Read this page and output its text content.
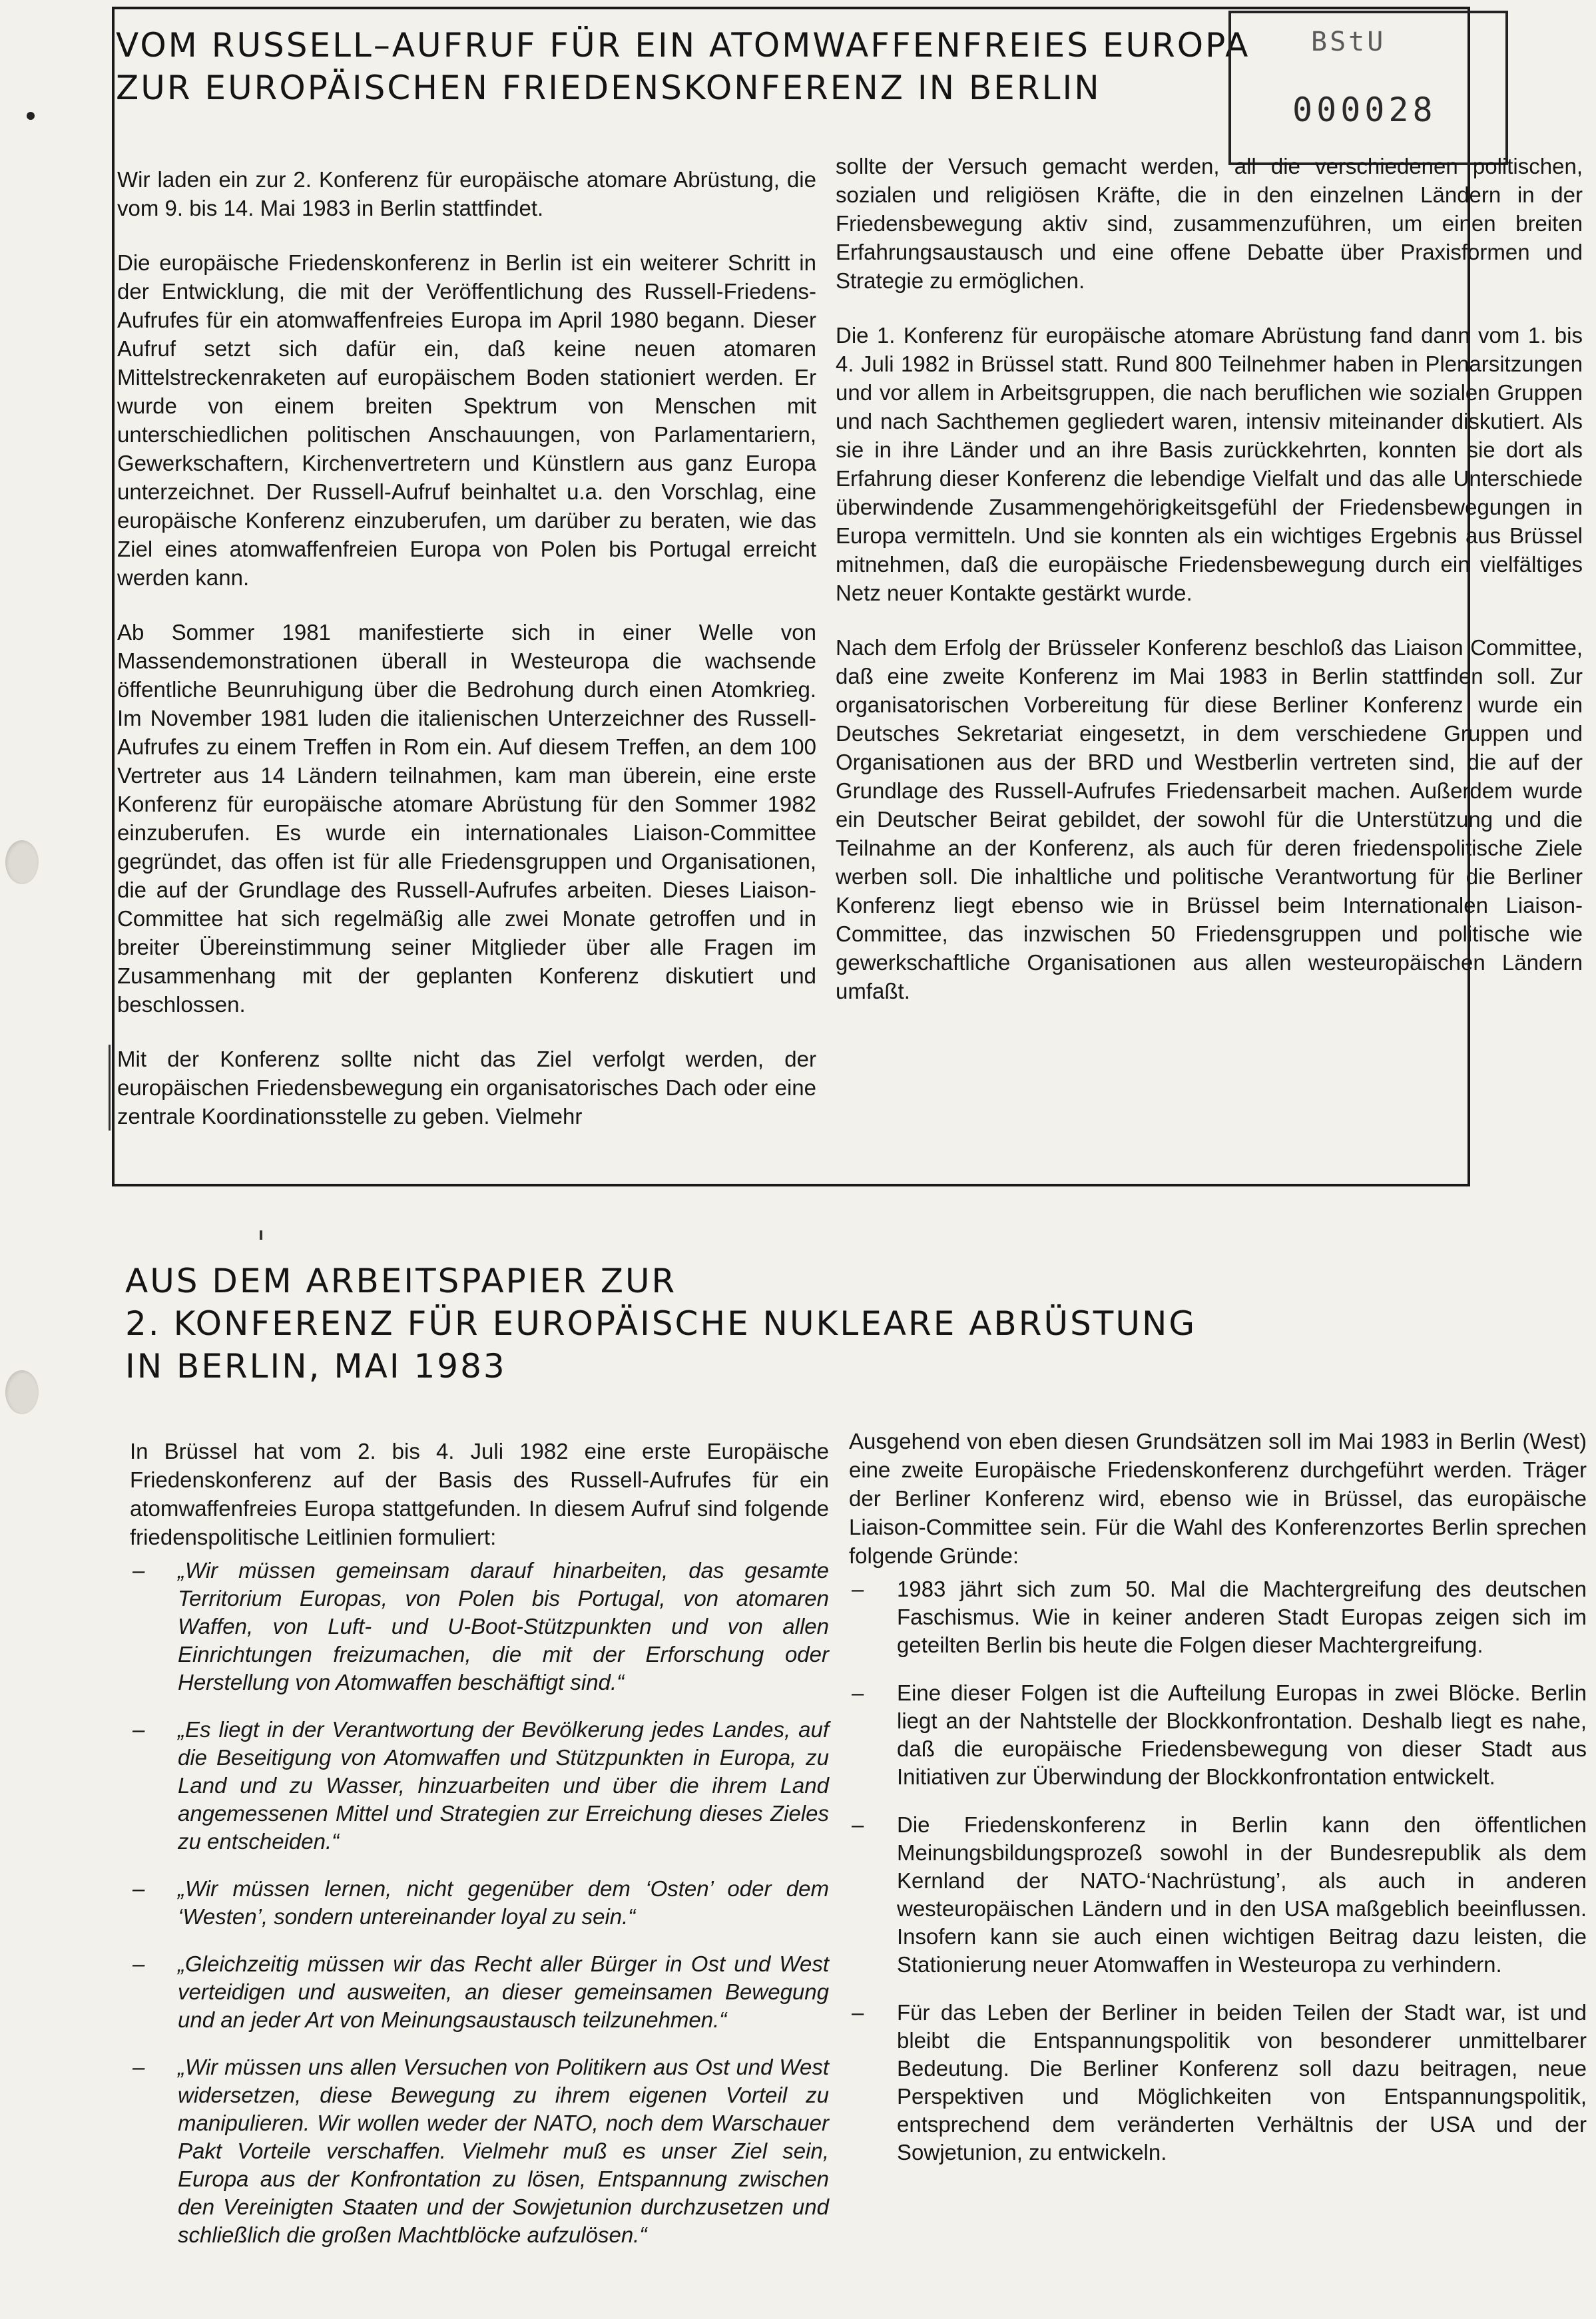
VOM RUSSELL–AUFRUF FÜR EIN ATOMWAFFENFREIES EUROPA
ZUR EUROPÄISCHEN FRIEDENSKONFERENZ IN BERLIN
BStU
000028

Wir laden ein zur 2. Konferenz für europäische atomare Abrüstung, die vom 9. bis 14. Mai 1983 in Berlin stattfindet.

Die europäische Friedenskonferenz in Berlin ist ein weiterer Schritt in der Entwicklung, die mit der Veröffentlichung des Russell-Friedens-Aufrufes für ein atomwaffenfreies Europa im April 1980 begann. Dieser Aufruf setzt sich dafür ein, daß keine neuen atomaren Mittelstreckenraketen auf europäischem Boden stationiert werden. Er wurde von einem breiten Spektrum von Menschen mit unterschiedlichen politischen Anschauungen, von Parlamentariern, Gewerkschaftern, Kirchenvertretern und Künstlern aus ganz Europa unterzeichnet. Der Russell-Aufruf beinhaltet u.a. den Vorschlag, eine europäische Konferenz einzuberufen, um darüber zu beraten, wie das Ziel eines atomwaffenfreien Europa von Polen bis Portugal erreicht werden kann.

Ab Sommer 1981 manifestierte sich in einer Welle von Massendemonstrationen überall in Westeuropa die wachsende öffentliche Beunruhigung über die Bedrohung durch einen Atomkrieg. Im November 1981 luden die italienischen Unterzeichner des Russell-Aufrufes zu einem Treffen in Rom ein. Auf diesem Treffen, an dem 100 Vertreter aus 14 Ländern teilnahmen, kam man überein, eine erste Konferenz für europäische atomare Abrüstung für den Sommer 1982 einzuberufen. Es wurde ein internationales Liaison-Committee gegründet, das offen ist für alle Friedensgruppen und Organisationen, die auf der Grundlage des Russell-Aufrufes arbeiten. Dieses Liaison-Committee hat sich regelmäßig alle zwei Monate getroffen und in breiter Übereinstimmung seiner Mitglieder über alle Fragen im Zusammenhang mit der geplanten Konferenz diskutiert und beschlossen.

Mit der Konferenz sollte nicht das Ziel verfolgt werden, der europäischen Friedensbewegung ein organisatorisches Dach oder eine zentrale Koordinationsstelle zu geben. Vielmehr

sollte der Versuch gemacht werden, all die verschiedenen politischen, sozialen und religiösen Kräfte, die in den einzelnen Ländern in der Friedensbewegung aktiv sind, zusammenzuführen, um einen breiten Erfahrungsaustausch und eine offene Debatte über Praxisformen und Strategie zu ermöglichen.

Die 1. Konferenz für europäische atomare Abrüstung fand dann vom 1. bis 4. Juli 1982 in Brüssel statt. Rund 800 Teilnehmer haben in Plenarsitzungen und vor allem in Arbeitsgruppen, die nach beruflichen wie sozialen Gruppen und nach Sachthemen gegliedert waren, intensiv miteinander diskutiert. Als sie in ihre Länder und an ihre Basis zurückkehrten, konnten sie dort als Erfahrung dieser Konferenz die lebendige Vielfalt und das alle Unterschiede überwindende Zusammengehörigkeitsgefühl der Friedensbewegungen in Europa vermitteln. Und sie konnten als ein wichtiges Ergebnis aus Brüssel mitnehmen, daß die europäische Friedensbewegung durch ein vielfältiges Netz neuer Kontakte gestärkt wurde.

Nach dem Erfolg der Brüsseler Konferenz beschloß das Liaison Committee, daß eine zweite Konferenz im Mai 1983 in Berlin stattfinden soll. Zur organisatorischen Vorbereitung für diese Berliner Konferenz wurde ein Deutsches Sekretariat eingesetzt, in dem verschiedene Gruppen und Organisationen aus der BRD und Westberlin vertreten sind, die auf der Grundlage des Russell-Aufrufes Friedensarbeit machen. Außerdem wurde ein Deutscher Beirat gebildet, der sowohl für die Unterstützung und die Teilnahme an der Konferenz, als auch für deren friedenspolitische Ziele werben soll. Die inhaltliche und politische Verantwortung für die Berliner Konferenz liegt ebenso wie in Brüssel beim Internationalen Liaison-Committee, das inzwischen 50 Friedensgruppen und politische wie gewerkschaftliche Organisationen aus allen westeuropäischen Ländern umfaßt.

AUS DEM ARBEITSPAPIER ZUR
2. KONFERENZ FÜR EUROPÄISCHE NUKLEARE ABRÜSTUNG
IN BERLIN, MAI 1983

In Brüssel hat vom 2. bis 4. Juli 1982 eine erste Europäische Friedenskonferenz auf der Basis des Russell-Aufrufes für ein atomwaffenfreies Europa stattgefunden. In diesem Aufruf sind folgende friedenspolitische Leitlinien formuliert:

– „Wir müssen gemeinsam darauf hinarbeiten, das gesamte Territorium Europas, von Polen bis Portugal, von atomaren Waffen, von Luft- und U-Boot-Stützpunkten und von allen Einrichtungen freizumachen, die mit der Erforschung oder Herstellung von Atomwaffen beschäftigt sind.“
– „Es liegt in der Verantwortung der Bevölkerung jedes Landes, auf die Beseitigung von Atomwaffen und Stützpunkten in Europa, zu Land und zu Wasser, hinzuarbeiten und über die ihrem Land angemessenen Mittel und Strategien zur Erreichung dieses Zieles zu entscheiden.“
– „Wir müssen lernen, nicht gegenüber dem ‘Osten’ oder dem ‘Westen’, sondern untereinander loyal zu sein.“
– „Gleichzeitig müssen wir das Recht aller Bürger in Ost und West verteidigen und ausweiten, an dieser gemeinsamen Bewegung und an jeder Art von Meinungsaustausch teilzunehmen.“
– „Wir müssen uns allen Versuchen von Politikern aus Ost und West widersetzen, diese Bewegung zu ihrem eigenen Vorteil zu manipulieren. Wir wollen weder der NATO, noch dem Warschauer Pakt Vorteile verschaffen. Vielmehr muß es unser Ziel sein, Europa aus der Konfrontation zu lösen, Entspannung zwischen den Vereinigten Staaten und der Sowjetunion durchzusetzen und schließlich die großen Machtblöcke aufzulösen.“

Ausgehend von eben diesen Grundsätzen soll im Mai 1983 in Berlin (West) eine zweite Europäische Friedenskonferenz durchgeführt werden. Träger der Berliner Konferenz wird, ebenso wie in Brüssel, das europäische Liaison-Committee sein. Für die Wahl des Konferenzortes Berlin sprechen folgende Gründe:

– 1983 jährt sich zum 50. Mal die Machtergreifung des deutschen Faschismus. Wie in keiner anderen Stadt Europas zeigen sich im geteilten Berlin bis heute die Folgen dieser Machtergreifung.
– Eine dieser Folgen ist die Aufteilung Europas in zwei Blöcke. Berlin liegt an der Nahtstelle der Blockkonfrontation. Deshalb liegt es nahe, daß die europäische Friedensbewegung von dieser Stadt aus Initiativen zur Überwindung der Blockkonfrontation entwickelt.
– Die Friedenskonferenz in Berlin kann den öffentlichen Meinungsbildungsprozeß sowohl in der Bundesrepublik als dem Kernland der NATO-‘Nachrüstung’, als auch in anderen westeuropäischen Ländern und in den USA maßgeblich beeinflussen. Insofern kann sie auch einen wichtigen Beitrag dazu leisten, die Stationierung neuer Atomwaffen in Westeuropa zu verhindern.
– Für das Leben der Berliner in beiden Teilen der Stadt war, ist und bleibt die Entspannungspolitik von besonderer unmittelbarer Bedeutung. Die Berliner Konferenz soll dazu beitragen, neue Perspektiven und Möglichkeiten von Entspannungspolitik, entsprechend dem veränderten Verhältnis der USA und der Sowjetunion, zu entwickeln.
